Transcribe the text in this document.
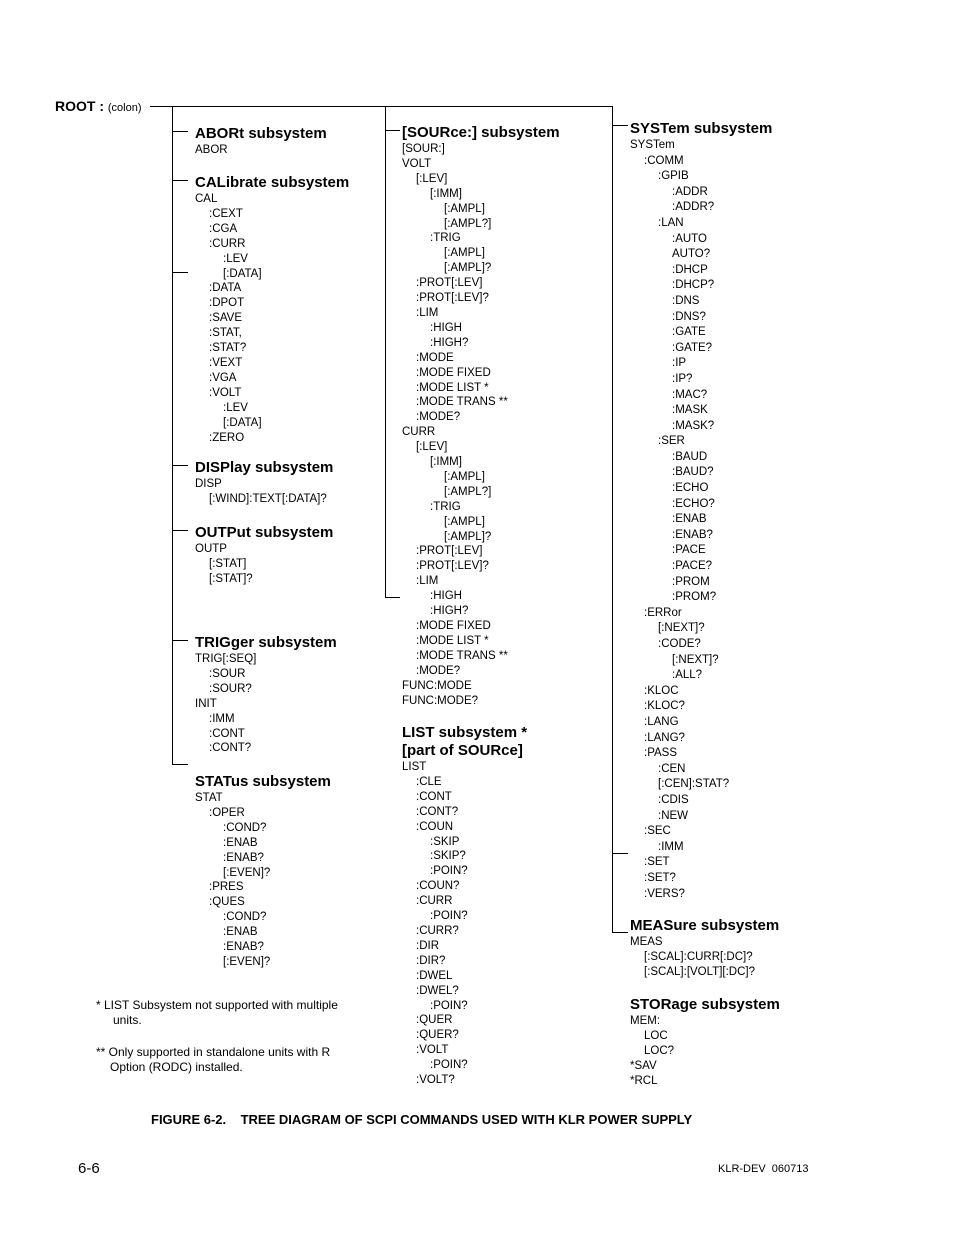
ROOT : (colon)
ABORt subsystem
ABOR
CALibrate subsystem
CAL
:CEXT
:CGA
:CURR
:LEV
[:DATA]
:DATA
:DPOT
:SAVE
:STAT,
:STAT?
:VEXT
:VGA
:VOLT
:LEV
[:DATA]
:ZERO
DISPlay subsystem
DISP
[:WIND]:TEXT[:DATA]?
OUTPut subsystem
OUTP
[:STAT]
[:STAT]?
TRIGger subsystem
TRIG[:SEQ]
:SOUR
:SOUR?
INIT
:IMM
:CONT
:CONT?
STATus subsystem
STAT
:OPER
:COND?
:ENAB
:ENAB?
[:EVEN]?
:PRES
:QUES
:COND?
:ENAB
:ENAB?
[:EVEN]?
[SOURce:] subsystem
[SOUR:]
VOLT
[:LEV]
[:IMM]
[:AMPL]
[:AMPL?]
:TRIG
[:AMPL]
[:AMPL]?
:PROT[:LEV]
:PROT[:LEV]?
:LIM
:HIGH
:HIGH?
:MODE
:MODE FIXED
:MODE LIST *
:MODE TRANS **
:MODE?
CURR
[:LEV]
[:IMM]
[:AMPL]
[:AMPL?]
:TRIG
[:AMPL]
[:AMPL]?
:PROT[:LEV]
:PROT[:LEV]?
:LIM
:HIGH
:HIGH?
:MODE FIXED
:MODE LIST *
:MODE TRANS **
:MODE?
FUNC:MODE
FUNC:MODE?
LIST subsystem *
[part of SOURce]
LIST
:CLE
:CONT
:CONT?
:COUN
:SKIP
:SKIP?
:POIN?
:COUN?
:CURR
:POIN?
:CURR?
:DIR
:DIR?
:DWEL
:DWEL?
:POIN?
:QUER
:QUER?
:VOLT
:POIN?
:VOLT?
SYSTem subsystem
SYSTem
:COMM
:GPIB
:ADDR
:ADDR?
:LAN
:AUTO
AUTO?
:DHCP
:DHCP?
:DNS
:DNS?
:GATE
:GATE?
:IP
:IP?
:MAC?
:MASK
:MASK?
:SER
:BAUD
:BAUD?
:ECHO
:ECHO?
:ENAB
:ENAB?
:PACE
:PACE?
:PROM
:PROM?
:ERRor
[:NEXT]?
:CODE?
[:NEXT]?
:ALL?
:KLOC
:KLOC?
:LANG
:LANG?
:PASS
:CEN
[:CEN]:STAT?
:CDIS
:NEW
:SEC
:IMM
:SET
:SET?
:VERS?
MEASure subsystem
MEAS
[:SCAL]:CURR[:DC]?
[:SCAL]:[VOLT][:DC]?
STORage subsystem
MEM:
LOC
LOC?
*SAV
*RCL
* LIST Subsystem not supported with multiple
units.
** Only supported in standalone units with R
Option (RODC) installed.
FIGURE 6-2.    TREE DIAGRAM OF SCPI COMMANDS USED WITH KLR POWER SUPPLY
6-6	KLR-DEV  060713
